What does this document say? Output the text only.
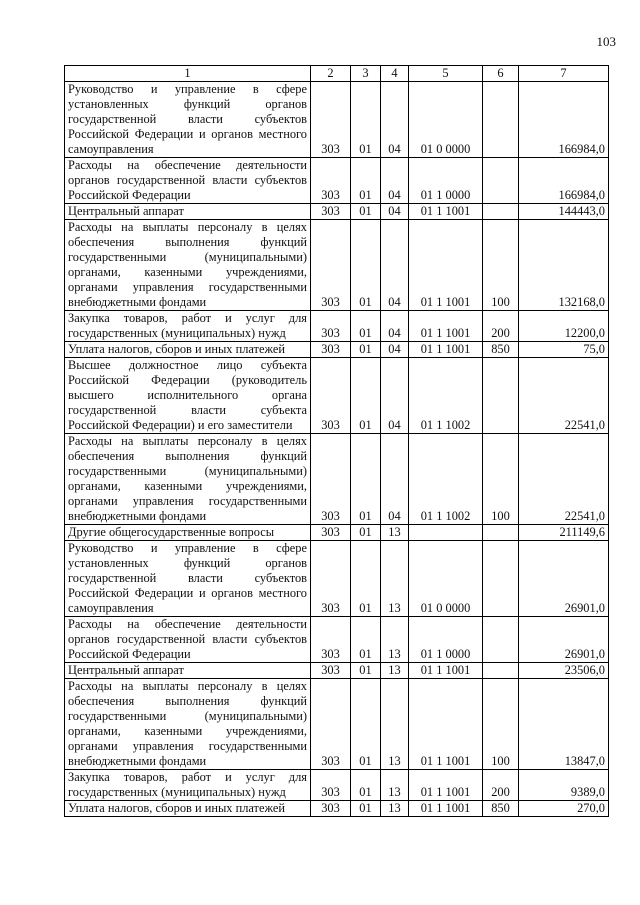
103
1	2	3	4	5	6	7
Руководство и управление в сфере установленных функций органов государственной власти субъектов Российской Федерации и органов местного самоуправления	303	01	04	01 0 0000		166984,0
Расходы на обеспечение деятельности органов государственной власти субъектов Российской Федерации	303	01	04	01 1 0000		166984,0
Центральный аппарат	303	01	04	01 1 1001		144443,0
Расходы на выплаты персоналу в целях обеспечения выполнения функций государственными (муниципальными) органами, казенными учреждениями, органами управления государственными внебюджетными фондами	303	01	04	01 1 1001	100	132168,0
Закупка товаров, работ и услуг для государственных (муниципальных) нужд	303	01	04	01 1 1001	200	12200,0
Уплата налогов, сборов и иных платежей	303	01	04	01 1 1001	850	75,0
Высшее должностное лицо субъекта Российской Федерации (руководитель высшего исполнительного органа государственной власти субъекта Российской Федерации) и его заместители	303	01	04	01 1 1002		22541,0
Расходы на выплаты персоналу в целях обеспечения выполнения функций государственными (муниципальными) органами, казенными учреждениями, органами управления государственными внебюджетными фондами	303	01	04	01 1 1002	100	22541,0
Другие общегосударственные вопросы	303	01	13			211149,6
Руководство и управление в сфере установленных функций органов государственной власти субъектов Российской Федерации и органов местного самоуправления	303	01	13	01 0 0000		26901,0
Расходы на обеспечение деятельности органов государственной власти субъектов Российской Федерации	303	01	13	01 1 0000		26901,0
Центральный аппарат	303	01	13	01 1 1001		23506,0
Расходы на выплаты персоналу в целях обеспечения выполнения функций государственными (муниципальными) органами, казенными учреждениями, органами управления государственными внебюджетными фондами	303	01	13	01 1 1001	100	13847,0
Закупка товаров, работ и услуг для государственных (муниципальных) нужд	303	01	13	01 1 1001	200	9389,0
Уплата налогов, сборов и иных платежей	303	01	13	01 1 1001	850	270,0
